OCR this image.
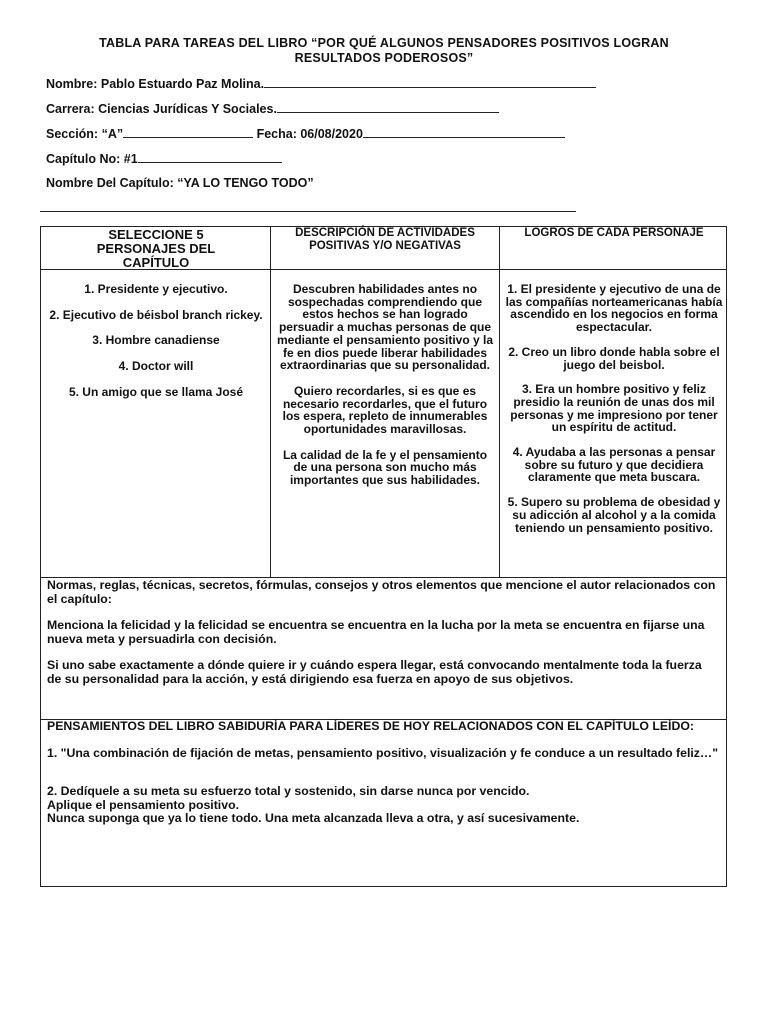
TABLA PARA TAREAS DEL LIBRO “POR QUÉ ALGUNOS PENSADORES POSITIVOS LOGRAN
RESULTADOS PODEROSOS”
Nombre: Pablo Estuardo Paz Molina.
Carrera: Ciencias Jurídicas Y Sociales.
Sección: “A”	Fecha: 06/08/2020
Capítulo No: #1
Nombre Del Capítulo: “YA LO TENGO TODO”
SELECCIONE 5 PERSONAJES DEL CAPÍTULO
DESCRIPCIÓN DE ACTIVIDADES POSITIVAS Y/O NEGATIVAS
LOGROS DE CADA PERSONAJE

1. Presidente y ejecutivo.

2. Ejecutivo de béisbol branch rickey.

3. Hombre canadiense

4. Doctor will

5. Un amigo que se llama José

Descubren habilidades antes no sospechadas comprendiendo que estos hechos se han logrado persuadir a muchas personas de que mediante el pensamiento positivo y la fe en dios puede liberar habilidades extraordinarias que su personalidad.

Quiero recordarles, si es que es necesario recordarles, que el futuro los espera, repleto de innumerables oportunidades maravillosas.

La calidad de la fe y el pensamiento de una persona son mucho más importantes que sus habilidades.

1. El presidente y ejecutivo de una de las compañías norteamericanas había ascendido en los negocios en forma espectacular.

2. Creo un libro donde habla sobre el juego del beisbol.

3. Era un hombre positivo y feliz presidio la reunión de unas dos mil personas y me impresiono por tener un espíritu de actitud.

4. Ayudaba a las personas a pensar sobre su futuro y que decidiera claramente que meta buscara.

5. Supero su problema de obesidad y su adicción al alcohol y a la comida teniendo un pensamiento positivo.

Normas, reglas, técnicas, secretos, fórmulas, consejos y otros elementos que mencione el autor relacionados con el capítulo:

Menciona la felicidad y la felicidad se encuentra se encuentra en la lucha por la meta se encuentra en fijarse una nueva meta y persuadirla con decisión.

Si uno sabe exactamente a dónde quiere ir y cuándo espera llegar, está convocando mentalmente toda la fuerza de su personalidad para la acción, y está dirigiendo esa fuerza en apoyo de sus objetivos.

PENSAMIENTOS DEL LIBRO SABIDURÍA PARA LÍDERES DE HOY RELACIONADOS CON EL CAPÍTULO LEÍDO:

1. "Una combinación de fijación de metas, pensamiento positivo, visualización y fe conduce a un resultado feliz…"

2. Dedíquele a su meta su esfuerzo total y sostenido, sin darse nunca por vencido.
Aplique el pensamiento positivo.
Nunca suponga que ya lo tiene todo. Una meta alcanzada lleva a otra, y así sucesivamente.
